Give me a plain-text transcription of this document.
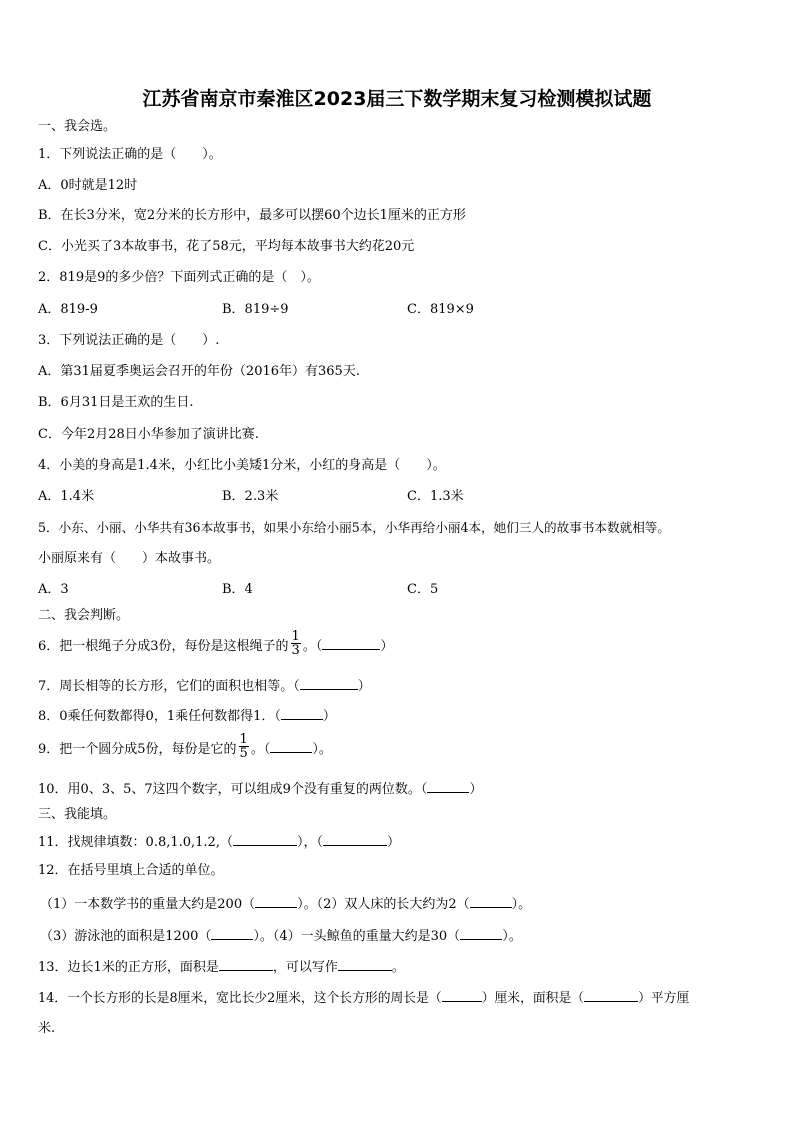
江苏省南京市秦淮区2023届三下数学期末复习检测模拟试题
一、我会选。
1．下列说法正确的是（　　）。
A．0时就是12时
B．在长3分米，宽2分米的长方形中，最多可以摆60个边长1厘米的正方形
C．小光买了3本故事书，花了58元，平均每本故事书大约花20元
2．819是9的多少倍？下面列式正确的是（　）。
A．819-9	B．819÷9	C．819×9
3．下列说法正确的是（　　）.
A．第31届夏季奥运会召开的年份（2016年）有365天.
B．6月31日是王欢的生日.
C．今年2月28日小华参加了演讲比赛.
4．小美的身高是1.4米，小红比小美矮1分米，小红的身高是（　　）。
A．1.4米	B．2.3米	C．1.3米
5．小东、小丽、小华共有36本故事书，如果小东给小丽5本，小华再给小丽4本，她们三人的故事书本数就相等。
小丽原来有（　　）本故事书。
A．3	B．4	C．5
二、我会判断。
6．把一根绳子分成3份，每份是这根绳子的 $\frac{1}{3}$ 。（	）
7．周长相等的长方形，它们的面积也相等。（	）
8．0乘任何数都得0，1乘任何数都得1．（	）
9．把一个圆分成5份，每份是它的 $\frac{1}{5}$ 。（	）。
10．用0、3、5、7这四个数字，可以组成9个没有重复的两位数。（	）
三、我能填。
11．找规律填数：0.8,1.0,1.2,（	），（	）
12．在括号里填上合适的单位。
（1）一本数学书的重量大约是200（	）。（2）双人床的长大约为2（	）。
（3）游泳池的面积是1200（	）。（4）一头鲸鱼的重量大约是30（	）。
13．边长1米的正方形，面积是	，可以写作	。
14．一个长方形的长是8厘米，宽比长少2厘米，这个长方形的周长是（	）厘米，面积是（	）平方厘
米.
